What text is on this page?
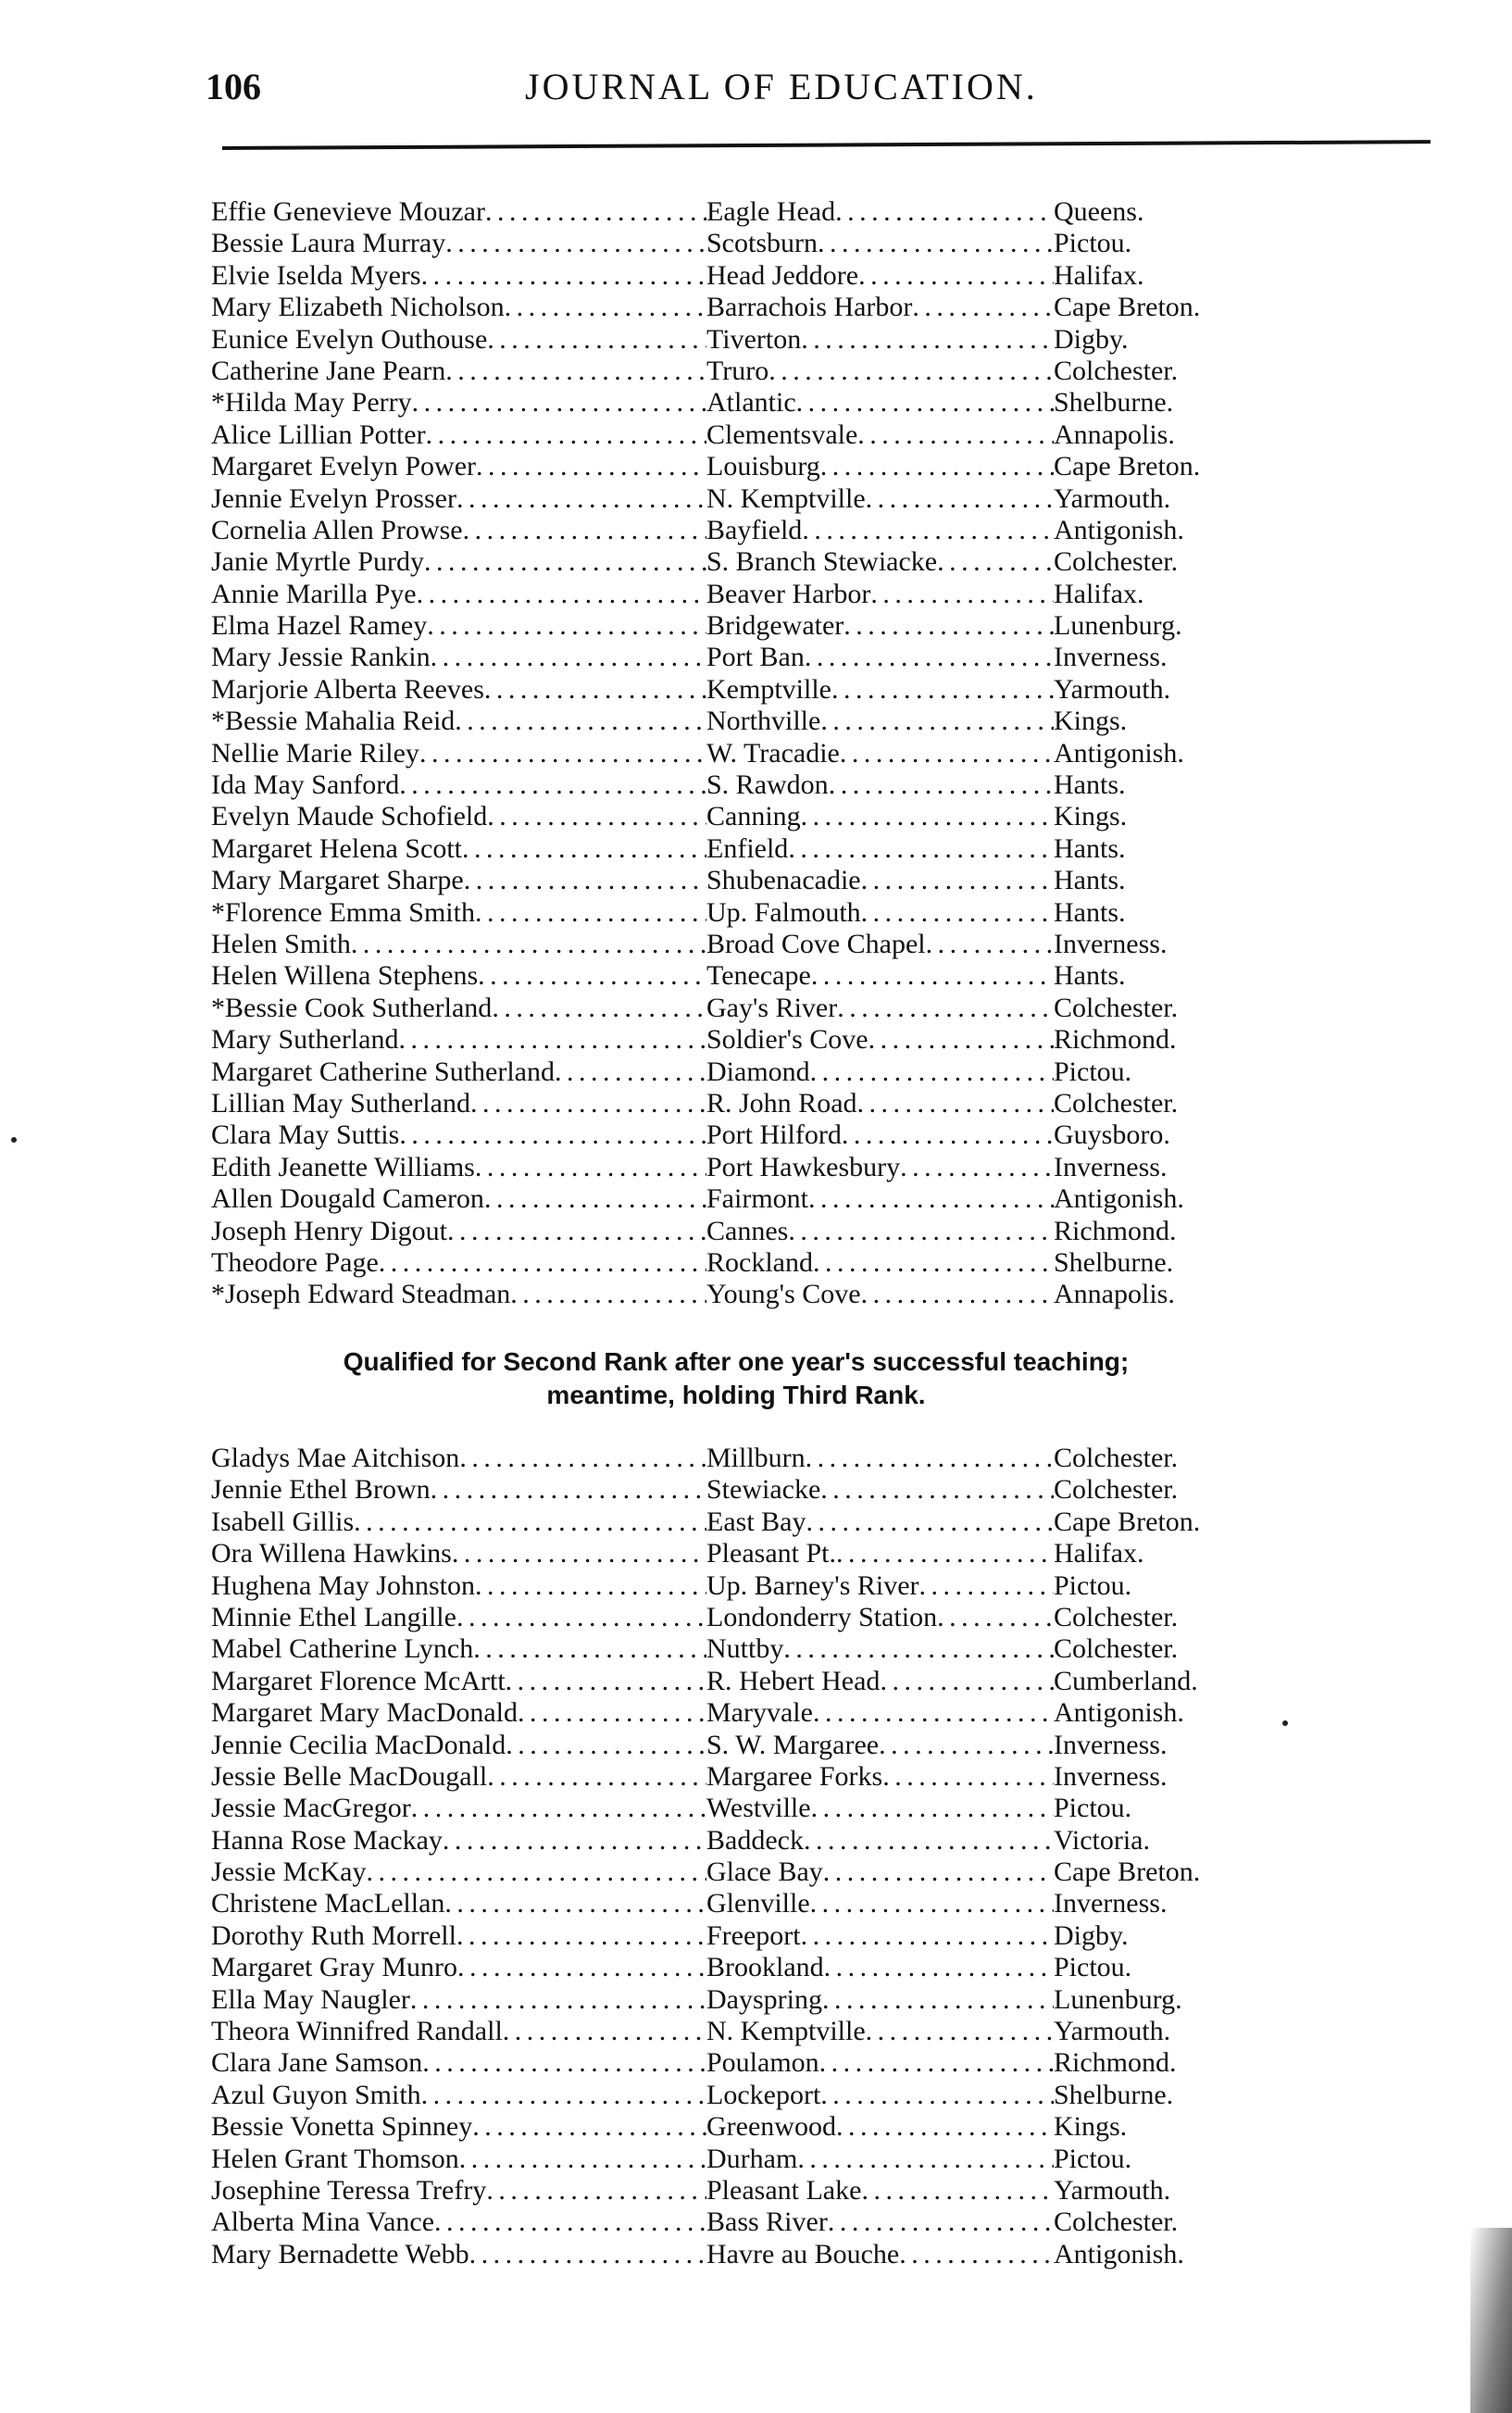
106	JOURNAL OF EDUCATION.
Effie Genevieve Mouzar . . .	Eagle Head . . .	Queens.
Bessie Laura Murray . . .	Scotsburn . . .	Pictou.
Elvie Iselda Myers . . .	Head Jeddore . . .	Halifax.
Mary Elizabeth Nicholson . . .	Barrachois Harbor . . .	Cape Breton.
Eunice Evelyn Outhouse . . .	Tiverton . . .	Digby.
Catherine Jane Pearn . . .	Truro . . .	Colchester.
*Hilda May Perry . . .	Atlantic . . .	Shelburne.
Alice Lillian Potter . . .	Clementsvale . . .	Annapolis.
Margaret Evelyn Power . . .	Louisburg . . .	Cape Breton.
Jennie Evelyn Prosser . . .	N. Kemptville . . .	Yarmouth.
Cornelia Allen Prowse . . .	Bayfield . . .	Antigonish.
Janie Myrtle Purdy . . .	S. Branch Stewiacke . . .	Colchester.
Annie Marilla Pye . . .	Beaver Harbor . . .	Halifax.
Elma Hazel Ramey . . .	Bridgewater . . .	Lunenburg.
Mary Jessie Rankin . . .	Port Ban . . .	Inverness.
Marjorie Alberta Reeves . . .	Kemptville . . .	Yarmouth.
*Bessie Mahalia Reid . . .	Northville . . .	Kings.
Nellie Marie Riley . . .	W. Tracadie . . .	Antigonish.
Ida May Sanford . . .	S. Rawdon . . .	Hants.
Evelyn Maude Schofield . . .	Canning . . .	Kings.
Margaret Helena Scott . . .	Enfield . . .	Hants.
Mary Margaret Sharpe . . .	Shubenacadie . . .	Hants.
*Florence Emma Smith . . .	Up. Falmouth . . .	Hants.
Helen Smith . . .	Broad Cove Chapel . . .	Inverness.
Helen Willena Stephens . . .	Tenecape . . .	Hants.
*Bessie Cook Sutherland . . .	Gay's River . . .	Colchester.
Mary Sutherland . . .	Soldier's Cove . . .	Richmond.
Margaret Catherine Sutherland . . .	Diamond . . .	Pictou.
Lillian May Sutherland . . .	R. John Road . . .	Colchester.
Clara May Suttis . . .	Port Hilford . . .	Guysboro.
Edith Jeanette Williams . . .	Port Hawkesbury . . .	Inverness.
Allen Dougald Cameron . . .	Fairmont . . .	Antigonish.
Joseph Henry Digout . . .	Cannes . . .	Richmond.
Theodore Page . . .	Rockland . . .	Shelburne.
*Joseph Edward Steadman . . .	Young's Cove . . .	Annapolis.
Qualified for Second Rank after one year's successful teaching;
meantime, holding Third Rank.
Gladys Mae Aitchison . . .	Millburn . . .	Colchester.
Jennie Ethel Brown . . .	Stewiacke . . .	Colchester.
Isabell Gillis . . .	East Bay . . .	Cape Breton.
Ora Willena Hawkins . . .	Pleasant Pt. . . .	Halifax.
Hughena May Johnston . . .	Up. Barney's River . . .	Pictou.
Minnie Ethel Langille . . .	Londonderry Station . . .	Colchester.
Mabel Catherine Lynch . . .	Nuttby . . .	Colchester.
Margaret Florence McArtt . . .	R. Hebert Head . . .	Cumberland.
Margaret Mary MacDonald . . .	Maryvale . . .	Antigonish.
Jennie Cecilia MacDonald . . .	S. W. Margaree . . .	Inverness.
Jessie Belle MacDougall . . .	Margaree Forks . . .	Inverness.
Jessie MacGregor . . .	Westville . . .	Pictou.
Hanna Rose Mackay . . .	Baddeck . . .	Victoria.
Jessie McKay . . .	Glace Bay . . .	Cape Breton.
Christene MacLellan . . .	Glenville . . .	Inverness.
Dorothy Ruth Morrell . . .	Freeport . . .	Digby.
Margaret Gray Munro . . .	Brookland . . .	Pictou.
Ella May Naugler . . .	Dayspring . . .	Lunenburg.
Theora Winnifred Randall . . .	N. Kemptville . . .	Yarmouth.
Clara Jane Samson . . .	Poulamon . . .	Richmond.
Azul Guyon Smith . . .	Lockeport . . .	Shelburne.
Bessie Vonetta Spinney . . .	Greenwood . . .	Kings.
Helen Grant Thomson . . .	Durham . . .	Pictou.
Josephine Teressa Trefry . . .	Pleasant Lake . . .	Yarmouth.
Alberta Mina Vance . . .	Bass River . . .	Colchester.
Mary Bernadette Webb . . .	Havre au Bouche . . .	Antigonish.
